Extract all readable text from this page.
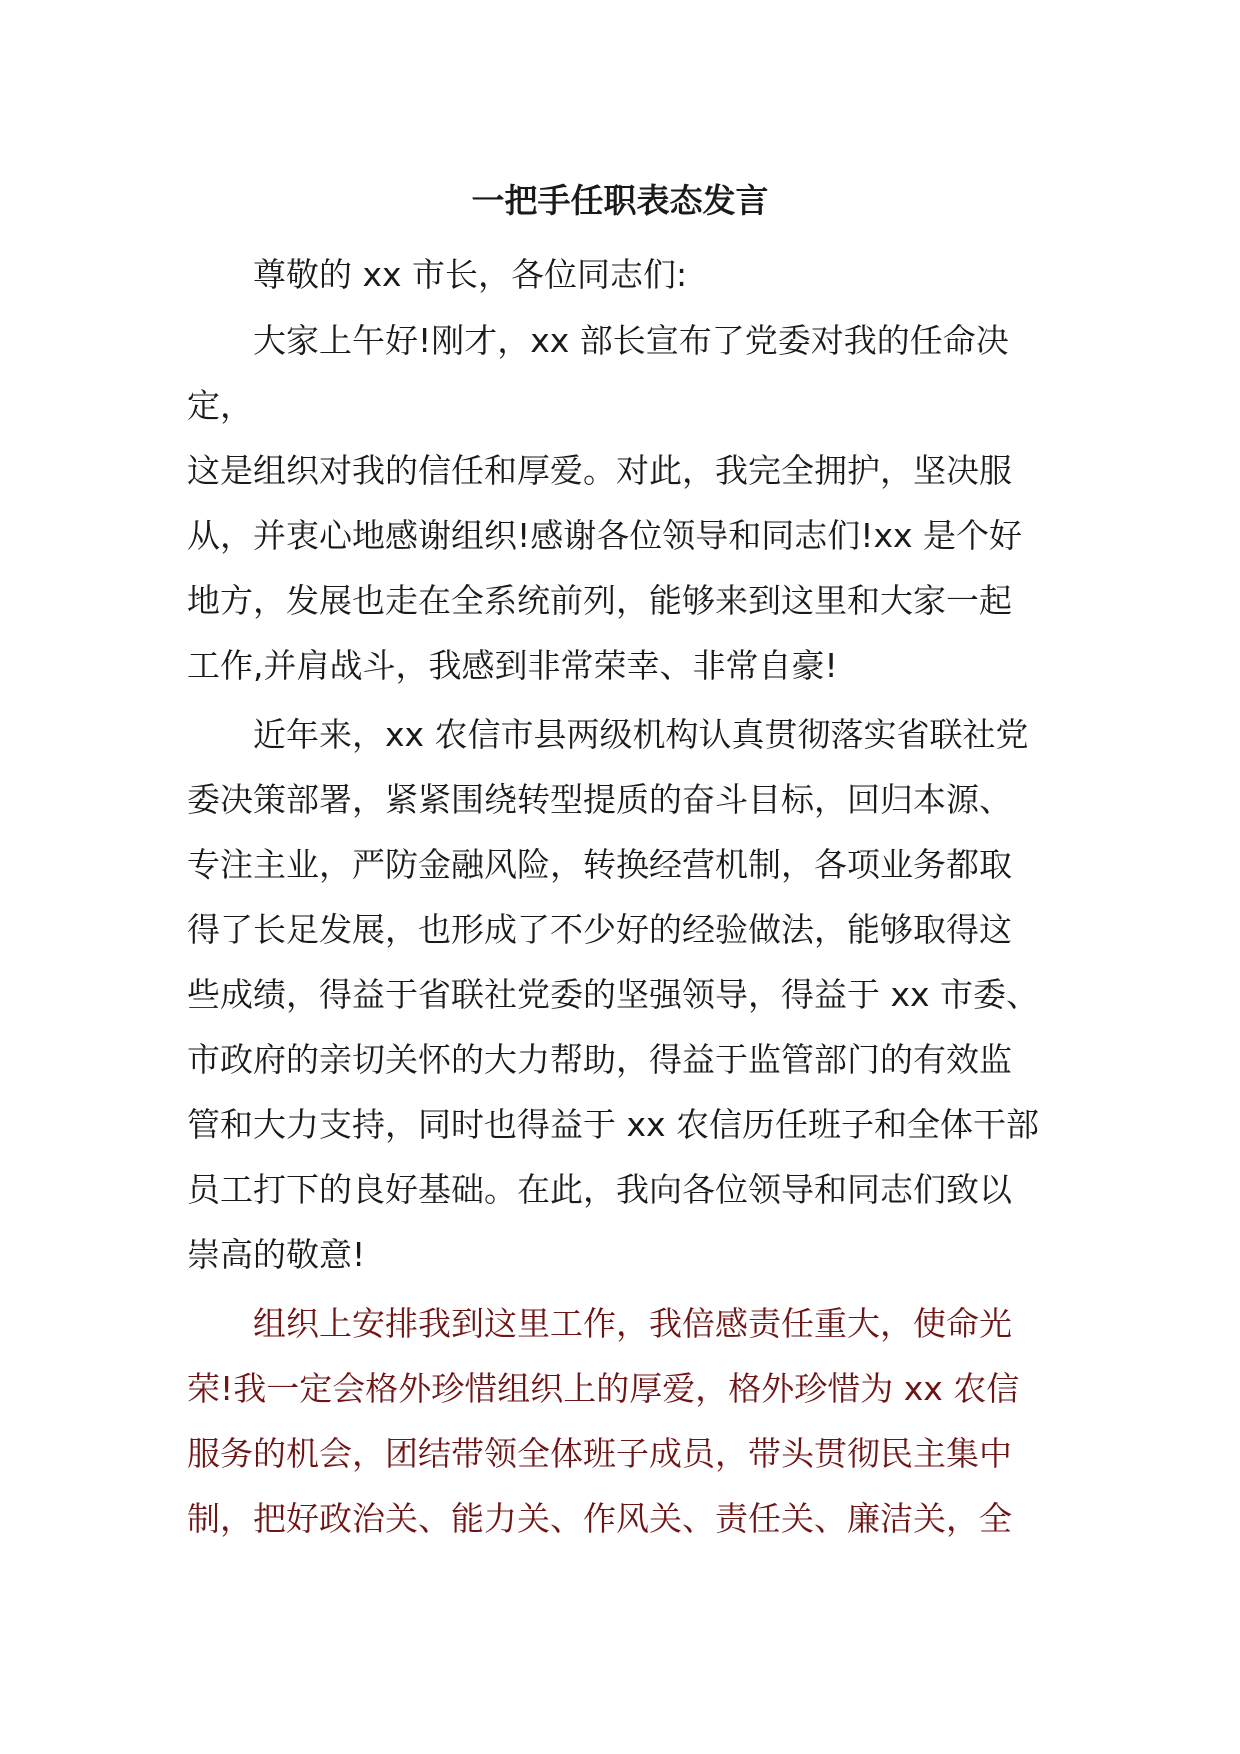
一把手任职表态发言

尊敬的 xx 市长，各位同志们:

大家上午好!刚才，xx 部长宣布了党委对我的任命决定，
这是组织对我的信任和厚爱。对此，我完全拥护，坚决服
从，并衷心地感谢组织!感谢各位领导和同志们!xx 是个好
地方，发展也走在全系统前列，能够来到这里和大家一起
工作,并肩战斗，我感到非常荣幸、非常自豪!

近年来，xx 农信市县两级机构认真贯彻落实省联社党
委决策部署，紧紧围绕转型提质的奋斗目标，回归本源、
专注主业，严防金融风险，转换经营机制，各项业务都取
得了长足发展，也形成了不少好的经验做法，能够取得这
些成绩，得益于省联社党委的坚强领导，得益于 xx 市委、
市政府的亲切关怀的大力帮助，得益于监管部门的有效监
管和大力支持，同时也得益于 xx 农信历任班子和全体干部
员工打下的良好基础。在此，我向各位领导和同志们致以
崇高的敬意!

组织上安排我到这里工作，我倍感责任重大，使命光
荣!我一定会格外珍惜组织上的厚爱，格外珍惜为 xx 农信
服务的机会，团结带领全体班子成员，带头贯彻民主集中
制，把好政治关、能力关、作风关、责任关、廉洁关，全
